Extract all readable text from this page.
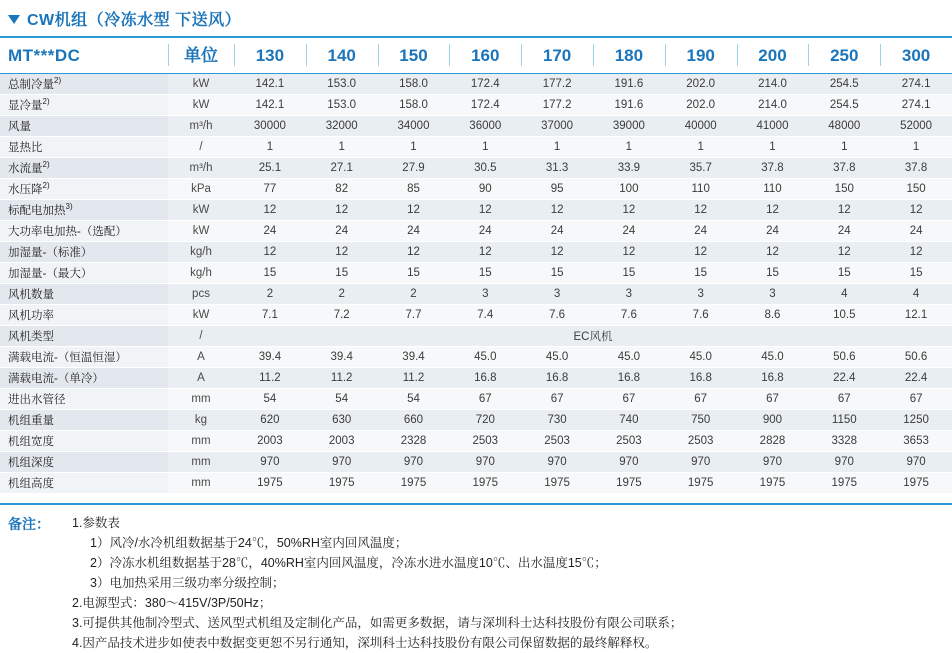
CW机组（冷冻水型 下送风）
MT***DC	单位	130	140	150	160	170	180	190	200	250	300
总制冷量$^{2)}$	kW	142.1	153.0	158.0	172.4	177.2	191.6	202.0	214.0	254.5	274.1
显冷量$^{2)}$	kW	142.1	153.0	158.0	172.4	177.2	191.6	202.0	214.0	254.5	274.1
风量	m³/h	30000	32000	34000	36000	37000	39000	40000	41000	48000	52000
显热比	/	1	1	1	1	1	1	1	1	1	1
水流量$^{2)}$	m³/h	25.1	27.1	27.9	30.5	31.3	33.9	35.7	37.8	37.8	37.8
水压降$^{2)}$	kPa	77	82	85	90	95	100	110	110	150	150
标配电加热$^{3)}$	kW	12	12	12	12	12	12	12	12	12	12
大功率电加热-（选配）	kW	24	24	24	24	24	24	24	24	24	24
加湿量-（标准）	kg/h	12	12	12	12	12	12	12	12	12	12
加湿量-（最大）	kg/h	15	15	15	15	15	15	15	15	15	15
风机数量	pcs	2	2	2	3	3	3	3	3	4	4
风机功率	kW	7.1	7.2	7.7	7.4	7.6	7.6	7.6	8.6	10.5	12.1
风机类型	/	EC风机									
满载电流-（恒温恒湿）	A	39.4	39.4	39.4	45.0	45.0	45.0	45.0	45.0	50.6	50.6
满载电流-（单冷）	A	11.2	11.2	11.2	16.8	16.8	16.8	16.8	16.8	22.4	22.4
进出水管径	mm	54	54	54	67	67	67	67	67	67	67
机组重量	kg	620	630	660	720	730	740	750	900	1150	1250
机组宽度	mm	2003	2003	2328	2503	2503	2503	2503	2828	3328	3653
机组深度	mm	970	970	970	970	970	970	970	970	970	970
机组高度	mm	1975	1975	1975	1975	1975	1975	1975	1975	1975	1975
备注：	1.参数表
1）风冷/水冷机组数据基于24℃，50%RH室内回风温度；
2）冷冻水机组数据基于28℃，40%RH室内回风温度，冷冻水进水温度10℃、出水温度15℃；
3）电加热采用三级功率分级控制；
2.电源型式：380～415V/3P/50Hz；
3.可提供其他制冷型式、送风型式机组及定制化产品，如需更多数据，请与深圳科士达科技股份有限公司联系；
4.因产品技术进步如使表中数据变更恕不另行通知，深圳科士达科技股份有限公司保留数据的最终解释权。
